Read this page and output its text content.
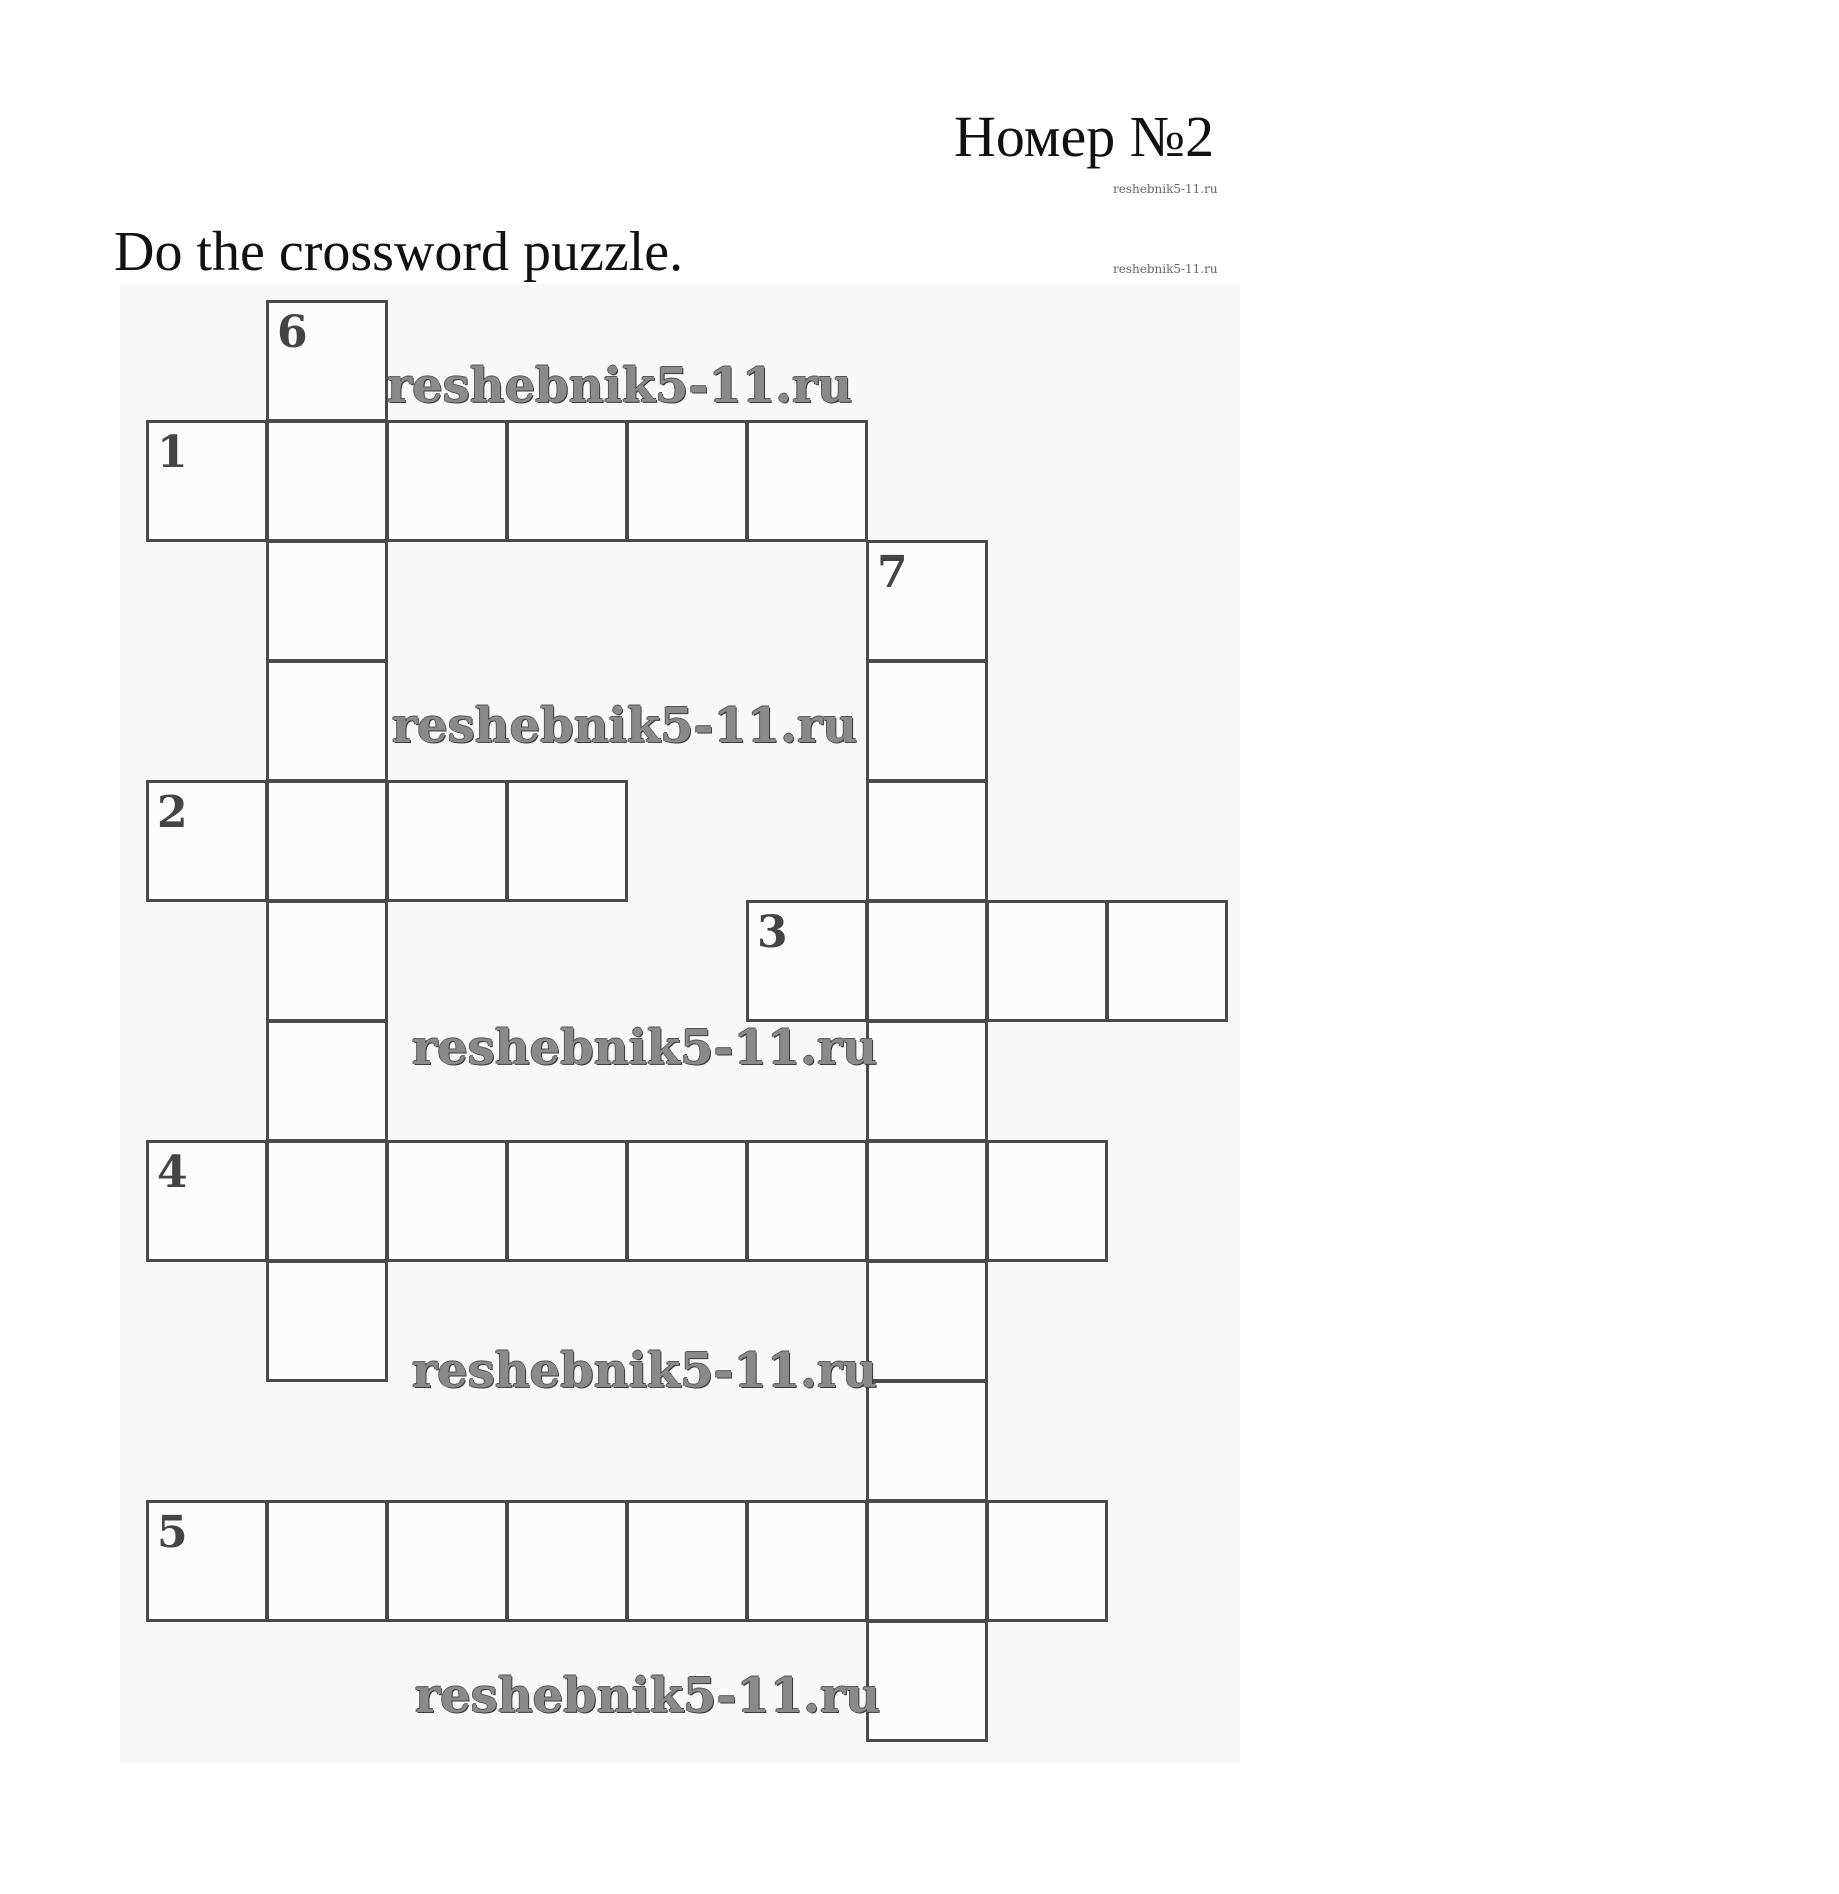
Номер №2
Do the crossword puzzle.
reshebnik5-11.ru
reshebnik5-11.ru
1
2
3
4
5
6
7
reshebnik5-11.ru
reshebnik5-11.ru
reshebnik5-11.ru
reshebnik5-11.ru
reshebnik5-11.ru
